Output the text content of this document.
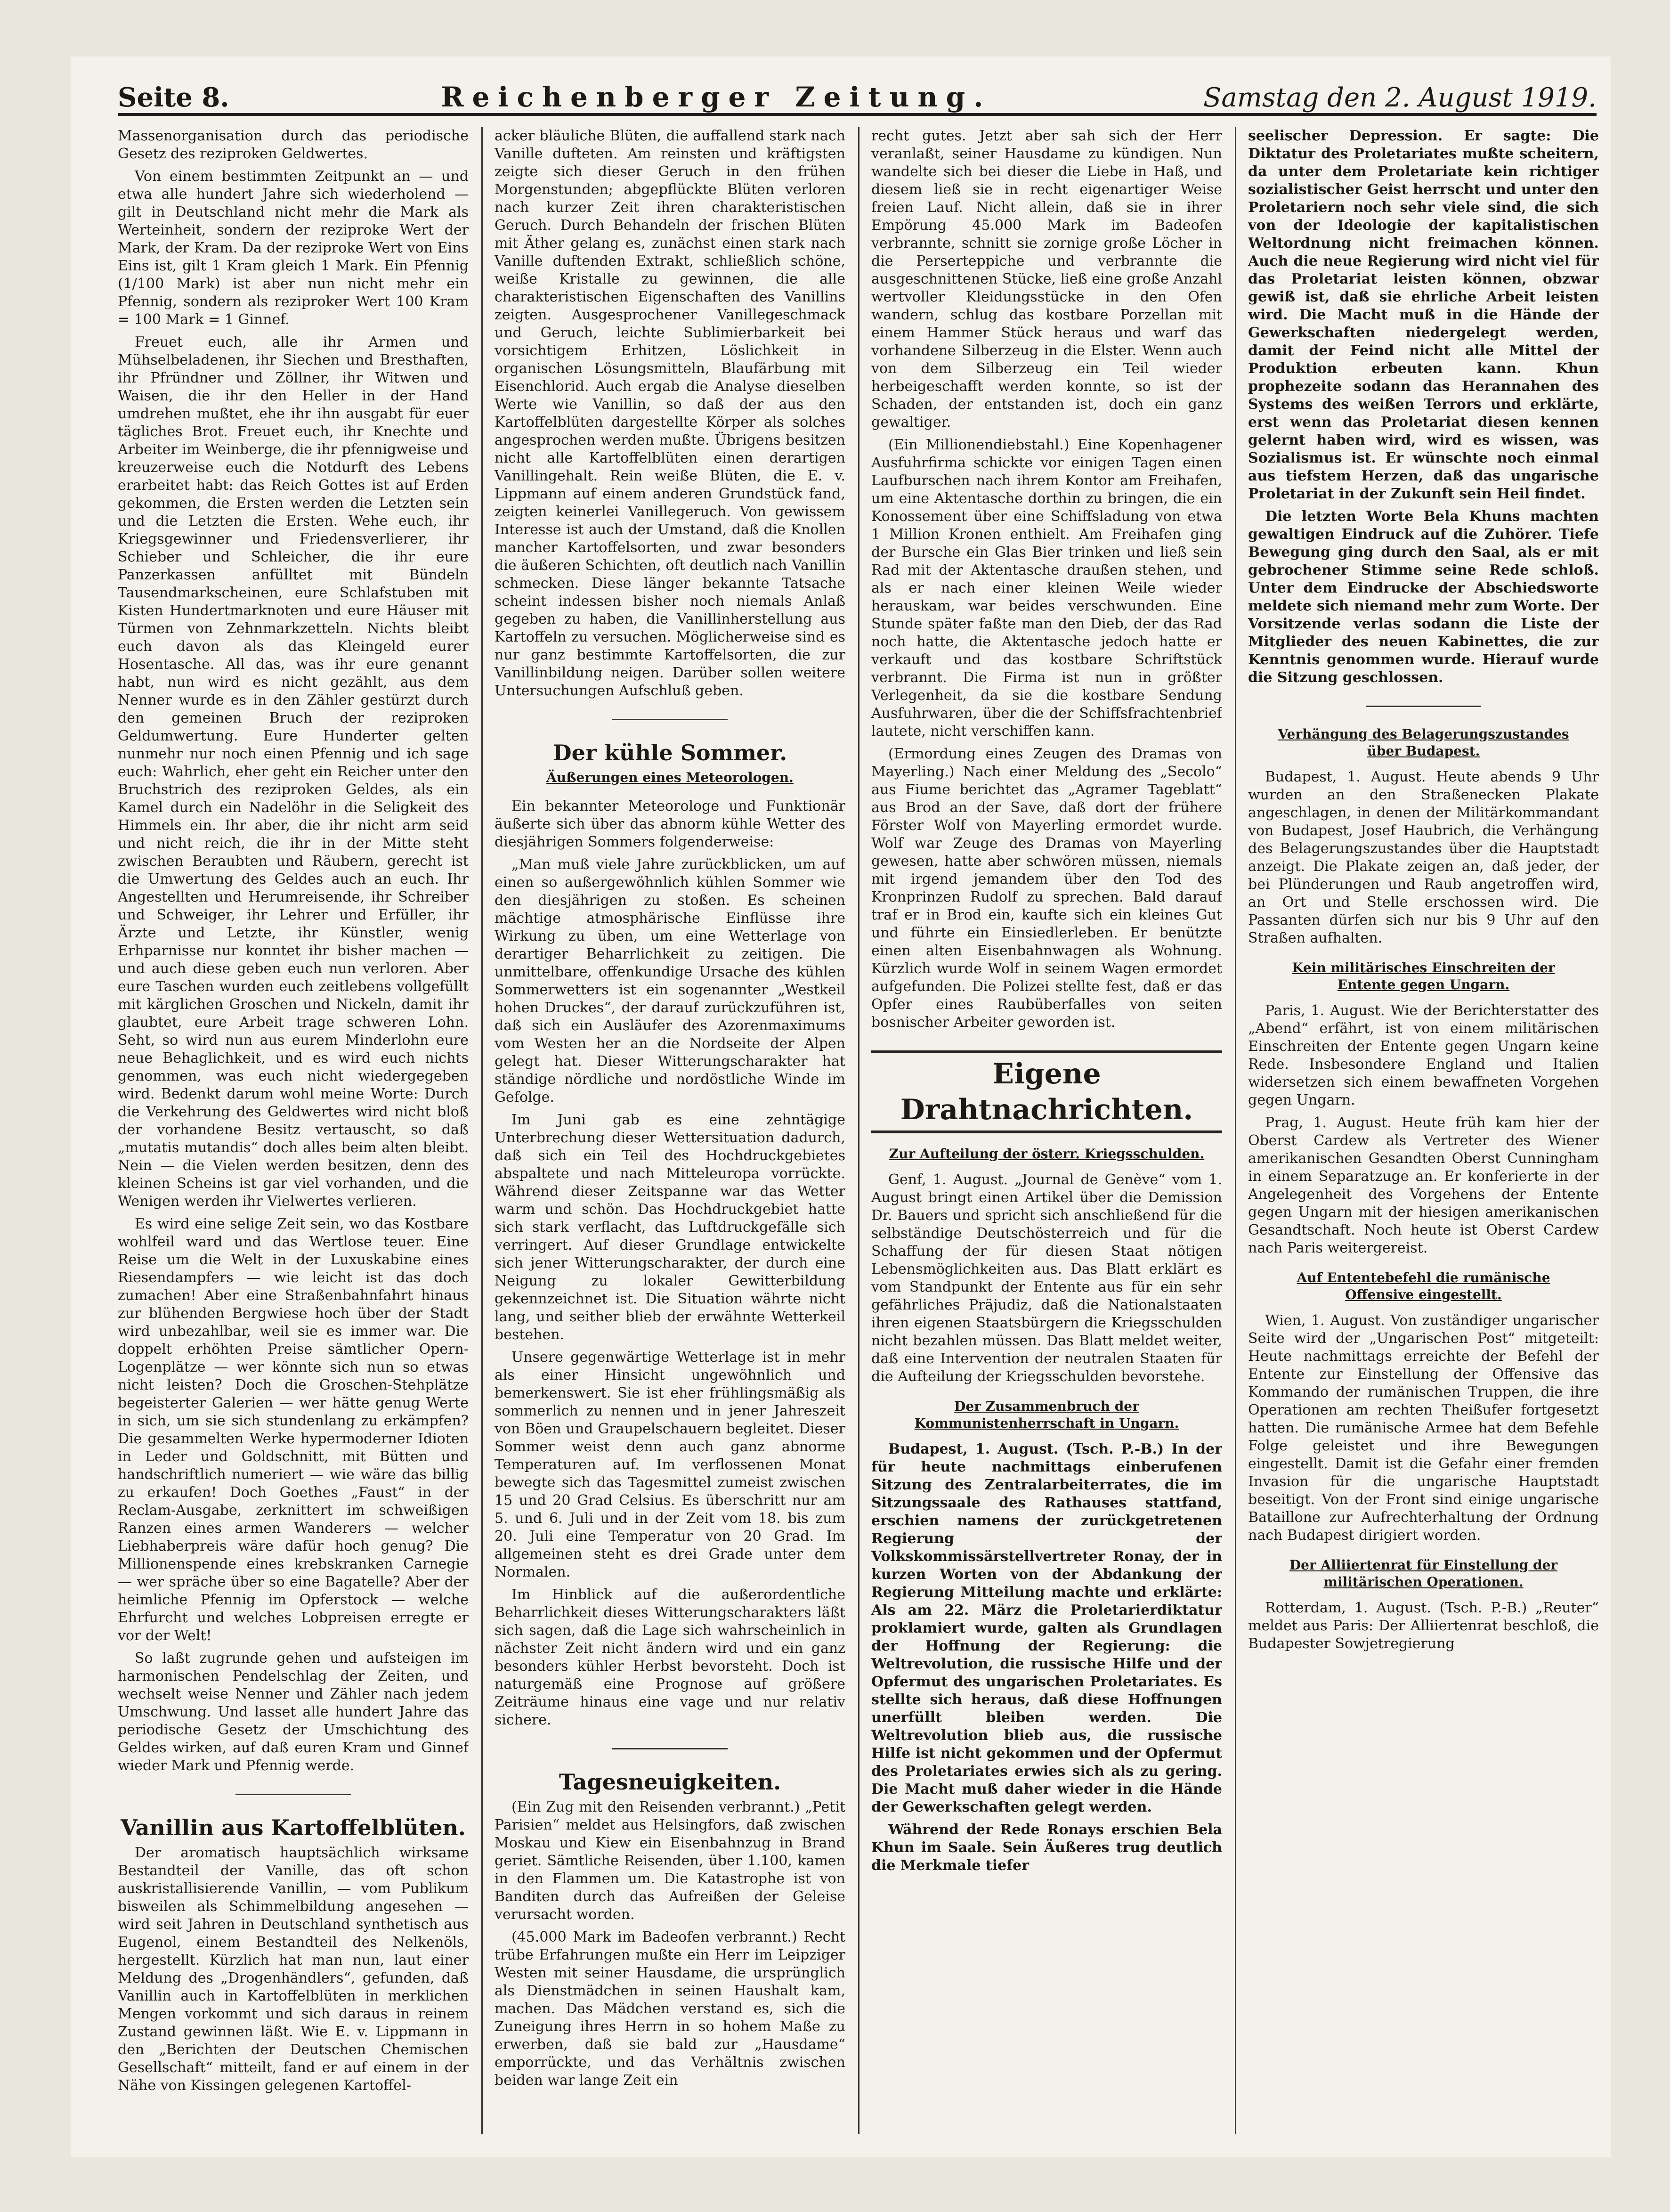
Seite 8.	Reichenberger Zeitung.	Samstag den 2. August 1919.

Massenorganisation durch das periodische Gesetz des reziproken Geldwertes.

Von einem bestimmten Zeitpunkt an — und etwa alle hundert Jahre sich wiederholend — gilt in Deutschland nicht mehr die Mark als Werteinheit, sondern der reziproke Wert der Mark, der Kram. Da der reziproke Wert von Eins Eins ist, gilt 1 Kram gleich 1 Mark. Ein Pfennig (1/100 Mark) ist aber nun nicht mehr ein Pfennig, sondern als reziproker Wert 100 Kram = 100 Mark = 1 Ginnef.

Freuet euch, alle ihr Armen und Mühselbeladenen, ihr Siechen und Bresthaften, ihr Pfründner und Zöllner, ihr Witwen und Waisen, die ihr den Heller in der Hand umdrehen mußtet, ehe ihr ihn ausgabt für euer tägliches Brot. Freuet euch, ihr Knechte und Arbeiter im Weinberge, die ihr pfennigweise und kreuzerweise euch die Notdurft des Lebens erarbeitet habt: das Reich Gottes ist auf Erden gekommen, die Ersten werden die Letzten sein und die Letzten die Ersten. Wehe euch, ihr Kriegsgewinner und Friedensverlierer, ihr Schieber und Schleicher, die ihr eure Panzerkassen anfülltet mit Bündeln Tausendmarkscheinen, eure Schlafstuben mit Kisten Hundertmarknoten und eure Häuser mit Türmen von Zehnmarkzetteln. Nichts bleibt euch davon als das Kleingeld eurer Hosentasche. All das, was ihr eure genannt habt, nun wird es nicht gezählt, aus dem Nenner wurde es in den Zähler gestürzt durch den gemeinen Bruch der reziproken Geldumwertung. Eure Hunderter gelten nunmehr nur noch einen Pfennig und ich sage euch: Wahrlich, eher geht ein Reicher unter den Bruchstrich des reziproken Geldes, als ein Kamel durch ein Nadelöhr in die Seligkeit des Himmels ein. Ihr aber, die ihr nicht arm seid und nicht reich, die ihr in der Mitte steht zwischen Beraubten und Räubern, gerecht ist die Umwertung des Geldes auch an euch. Ihr Angestellten und Herumreisende, ihr Schreiber und Schweiger, ihr Lehrer und Erfüller, ihr Ärzte und Letzte, ihr Künstler, wenig Erhparnisse nur konntet ihr bisher machen — und auch diese geben euch nun verloren. Aber eure Taschen wurden euch zeitlebens vollgefüllt mit kärglichen Groschen und Nickeln, damit ihr glaubtet, eure Arbeit trage schweren Lohn. Seht, so wird nun aus eurem Minderlohn eure neue Behaglichkeit, und es wird euch nichts genommen, was euch nicht wiedergegeben wird. Bedenkt darum wohl meine Worte: Durch die Verkehrung des Geldwertes wird nicht bloß der vorhandene Besitz vertauscht, so daß „mutatis mutandis“ doch alles beim alten bleibt. Nein — die Vielen werden besitzen, denn des kleinen Scheins ist gar viel vorhanden, und die Wenigen werden ihr Vielwertes verlieren.

Es wird eine selige Zeit sein, wo das Kostbare wohlfeil ward und das Wertlose teuer. Eine Reise um die Welt in der Luxuskabine eines Riesendampfers — wie leicht ist das doch zumachen! Aber eine Straßenbahnfahrt hinaus zur blühenden Bergwiese hoch über der Stadt wird unbezahlbar, weil sie es immer war. Die doppelt erhöhten Preise sämtlicher Opern-Logenplätze — wer könnte sich nun so etwas nicht leisten? Doch die Groschen-Stehplätze begeisterter Galerien — wer hätte genug Werte in sich, um sie sich stundenlang zu erkämpfen? Die gesammelten Werke hypermoderner Idioten in Leder und Goldschnitt, mit Bütten und handschriftlich numeriert — wie wäre das billig zu erkaufen! Doch Goethes „Faust“ in der Reclam-Ausgabe, zerknittert im schweißigen Ranzen eines armen Wanderers — welcher Liebhaberpreis wäre dafür hoch genug? Die Millionenspende eines krebskranken Carnegie — wer spräche über so eine Bagatelle? Aber der heimliche Pfennig im Opferstock — welche Ehrfurcht und welches Lobpreisen erregte er vor der Welt!

So laßt zugrunde gehen und aufsteigen im harmonischen Pendelschlag der Zeiten, und wechselt weise Nenner und Zähler nach jedem Umschwung. Und lasset alle hundert Jahre das periodische Gesetz der Umschichtung des Geldes wirken, auf daß euren Kram und Ginnef wieder Mark und Pfennig werde.

Vanillin aus Kartoffelblüten.

Der aromatisch hauptsächlich wirksame Bestandteil der Vanille, das oft schon auskristallisierende Vanillin, — vom Publikum bisweilen als Schimmelbildung angesehen — wird seit Jahren in Deutschland synthetisch aus Eugenol, einem Bestandteil des Nelkenöls, hergestellt. Kürzlich hat man nun, laut einer Meldung des „Drogenhändlers“, gefunden, daß Vanillin auch in Kartoffelblüten in merklichen Mengen vorkommt und sich daraus in reinem Zustand gewinnen läßt. Wie E. v. Lippmann in den „Berichten der Deutschen Chemischen Gesellschaft“ mitteilt, fand er auf einem in der Nähe von Kissingen gelegenen Kartoffel-

acker bläuliche Blüten, die auffallend stark nach Vanille dufteten. Am reinsten und kräftigsten zeigte sich dieser Geruch in den frühen Morgenstunden; abgepflückte Blüten verloren nach kurzer Zeit ihren charakteristischen Geruch. Durch Behandeln der frischen Blüten mit Äther gelang es, zunächst einen stark nach Vanille duftenden Extrakt, schließlich schöne, weiße Kristalle zu gewinnen, die alle charakteristischen Eigenschaften des Vanillins zeigten. Ausgesprochener Vanillegeschmack und Geruch, leichte Sublimierbarkeit bei vorsichtigem Erhitzen, Löslichkeit in organischen Lösungsmitteln, Blaufärbung mit Eisenchlorid. Auch ergab die Analyse dieselben Werte wie Vanillin, so daß der aus den Kartoffelblüten dargestellte Körper als solches angesprochen werden mußte. Übrigens besitzen nicht alle Kartoffelblüten einen derartigen Vanillingehalt. Rein weiße Blüten, die E. v. Lippmann auf einem anderen Grundstück fand, zeigten keinerlei Vanillegeruch. Von gewissem Interesse ist auch der Umstand, daß die Knollen mancher Kartoffelsorten, und zwar besonders die äußeren Schichten, oft deutlich nach Vanillin schmecken. Diese länger bekannte Tatsache scheint indessen bisher noch niemals Anlaß gegeben zu haben, die Vanillinherstellung aus Kartoffeln zu versuchen. Möglicherweise sind es nur ganz bestimmte Kartoffelsorten, die zur Vanillinbildung neigen. Darüber sollen weitere Untersuchungen Aufschluß geben.

Der kühle Sommer.
Äußerungen eines Meteorologen.

Ein bekannter Meteorologe und Funktionär äußerte sich über das abnorm kühle Wetter des diesjährigen Sommers folgenderweise:

„Man muß viele Jahre zurückblicken, um auf einen so außergewöhnlich kühlen Sommer wie den diesjährigen zu stoßen. Es scheinen mächtige atmosphärische Einflüsse ihre Wirkung zu üben, um eine Wetterlage von derartiger Beharrlichkeit zu zeitigen. Die unmittelbare, offenkundige Ursache des kühlen Sommerwetters ist ein sogenannter „Westkeil hohen Druckes“, der darauf zurückzuführen ist, daß sich ein Ausläufer des Azorenmaximums vom Westen her an die Nordseite der Alpen gelegt hat. Dieser Witterungscharakter hat ständige nördliche und nordöstliche Winde im Gefolge.

Im Juni gab es eine zehntägige Unterbrechung dieser Wettersituation dadurch, daß sich ein Teil des Hochdruckgebietes abspaltete und nach Mitteleuropa vorrückte. Während dieser Zeitspanne war das Wetter warm und schön. Das Hochdruckgebiet hatte sich stark verflacht, das Luftdruckgefälle sich verringert. Auf dieser Grundlage entwickelte sich jener Witterungscharakter, der durch eine Neigung zu lokaler Gewitterbildung gekennzeichnet ist. Die Situation währte nicht lang, und seither blieb der erwähnte Wetterkeil bestehen.

Unsere gegenwärtige Wetterlage ist in mehr als einer Hinsicht ungewöhnlich und bemerkenswert. Sie ist eher frühlingsmäßig als sommerlich zu nennen und in jener Jahreszeit von Böen und Graupelschauern begleitet. Dieser Sommer weist denn auch ganz abnorme Temperaturen auf. Im verflossenen Monat bewegte sich das Tagesmittel zumeist zwischen 15 und 20 Grad Celsius. Es überschritt nur am 5. und 6. Juli und in der Zeit vom 18. bis zum 20. Juli eine Temperatur von 20 Grad. Im allgemeinen steht es drei Grade unter dem Normalen.

Im Hinblick auf die außerordentliche Beharrlichkeit dieses Witterungscharakters läßt sich sagen, daß die Lage sich wahrscheinlich in nächster Zeit nicht ändern wird und ein ganz besonders kühler Herbst bevorsteht. Doch ist naturgemäß eine Prognose auf größere Zeiträume hinaus eine vage und nur relativ sichere.

Tagesneuigkeiten.

(Ein Zug mit den Reisenden verbrannt.) „Petit Parisien“ meldet aus Helsingfors, daß zwischen Moskau und Kiew ein Eisenbahnzug in Brand geriet. Sämtliche Reisenden, über 1.100, kamen in den Flammen um. Die Katastrophe ist von Banditen durch das Aufreißen der Geleise verursacht worden.

(45.000 Mark im Badeofen verbrannt.) Recht trübe Erfahrungen mußte ein Herr im Leipziger Westen mit seiner Hausdame, die ursprünglich als Dienstmädchen in seinen Haushalt kam, machen. Das Mädchen verstand es, sich die Zuneigung ihres Herrn in so hohem Maße zu erwerben, daß sie bald zur „Hausdame“ emporrückte, und das Verhältnis zwischen beiden war lange Zeit ein

recht gutes. Jetzt aber sah sich der Herr veranlaßt, seiner Hausdame zu kündigen. Nun wandelte sich bei dieser die Liebe in Haß, und diesem ließ sie in recht eigenartiger Weise freien Lauf. Nicht allein, daß sie in ihrer Empörung 45.000 Mark im Badeofen verbrannte, schnitt sie zornige große Löcher in die Perserteppiche und verbrannte die ausgeschnittenen Stücke, ließ eine große Anzahl wertvoller Kleidungsstücke in den Ofen wandern, schlug das kostbare Porzellan mit einem Hammer Stück heraus und warf das vorhandene Silberzeug in die Elster. Wenn auch von dem Silberzeug ein Teil wieder herbeigeschafft werden konnte, so ist der Schaden, der entstanden ist, doch ein ganz gewaltiger.

(Ein Millionendiebstahl.) Eine Kopenhagener Ausfuhrfirma schickte vor einigen Tagen einen Laufburschen nach ihrem Kontor am Freihafen, um eine Aktentasche dorthin zu bringen, die ein Konossement über eine Schiffsladung von etwa 1 Million Kronen enthielt. Am Freihafen ging der Bursche ein Glas Bier trinken und ließ sein Rad mit der Aktentasche draußen stehen, und als er nach einer kleinen Weile wieder herauskam, war beides verschwunden. Eine Stunde später faßte man den Dieb, der das Rad noch hatte, die Aktentasche jedoch hatte er verkauft und das kostbare Schriftstück verbrannt. Die Firma ist nun in größter Verlegenheit, da sie die kostbare Sendung Ausfuhrwaren, über die der Schiffsfrachtenbrief lautete, nicht verschiffen kann.

(Ermordung eines Zeugen des Dramas von Mayerling.) Nach einer Meldung des „Secolo“ aus Fiume berichtet das „Agramer Tageblatt“ aus Brod an der Save, daß dort der frühere Förster Wolf von Mayerling ermordet wurde. Wolf war Zeuge des Dramas von Mayerling gewesen, hatte aber schwören müssen, niemals mit irgend jemandem über den Tod des Kronprinzen Rudolf zu sprechen. Bald darauf traf er in Brod ein, kaufte sich ein kleines Gut und führte ein Einsiedlerleben. Er benützte einen alten Eisenbahnwagen als Wohnung. Kürzlich wurde Wolf in seinem Wagen ermordet aufgefunden. Die Polizei stellte fest, daß er das Opfer eines Raubüberfalles von seiten bosnischer Arbeiter geworden ist.

Eigene Drahtnachrichten.
Zur Aufteilung der österr. Kriegsschulden.

Genf, 1. August. „Journal de Genève“ vom 1. August bringt einen Artikel über die Demission Dr. Bauers und spricht sich anschließend für die selbständige Deutschösterreich und für die Schaffung der für diesen Staat nötigen Lebensmöglichkeiten aus. Das Blatt erklärt es vom Standpunkt der Entente aus für ein sehr gefährliches Präjudiz, daß die Nationalstaaten ihren eigenen Staatsbürgern die Kriegsschulden nicht bezahlen müssen. Das Blatt meldet weiter, daß eine Intervention der neutralen Staaten für die Aufteilung der Kriegsschulden bevorstehe.

Der Zusammenbruch der Kommunistenherrschaft in Ungarn.

Budapest, 1. August. (Tsch. P.-B.) In der für heute nachmittags einberufenen Sitzung des Zentralarbeiterrates, die im Sitzungssaale des Rathauses stattfand, erschien namens der zurückgetretenen Regierung der Volkskommissärstellvertreter Ronay, der in kurzen Worten von der Abdankung der Regierung Mitteilung machte und erklärte: Als am 22. März die Proletarierdiktatur proklamiert wurde, galten als Grundlagen der Hoffnung der Regierung: die Weltrevolution, die russische Hilfe und der Opfermut des ungarischen Proletariates. Es stellte sich heraus, daß diese Hoffnungen unerfüllt bleiben werden. Die Weltrevolution blieb aus, die russische Hilfe ist nicht gekommen und der Opfermut des Proletariates erwies sich als zu gering. Die Macht muß daher wieder in die Hände der Gewerkschaften gelegt werden.

Während der Rede Ronays erschien Bela Khun im Saale. Sein Äußeres trug deutlich die Merkmale tiefer

seelischer Depression. Er sagte: Die Diktatur des Proletariates mußte scheitern, da unter dem Proletariate kein richtiger sozialistischer Geist herrscht und unter den Proletariern noch sehr viele sind, die sich von der Ideologie der kapitalistischen Weltordnung nicht freimachen können. Auch die neue Regierung wird nicht viel für das Proletariat leisten können, obzwar gewiß ist, daß sie ehrliche Arbeit leisten wird. Die Macht muß in die Hände der Gewerkschaften niedergelegt werden, damit der Feind nicht alle Mittel der Produktion erbeuten kann. Khun prophezeite sodann das Herannahen des Systems des weißen Terrors und erklärte, erst wenn das Proletariat diesen kennen gelernt haben wird, wird es wissen, was Sozialismus ist. Er wünschte noch einmal aus tiefstem Herzen, daß das ungarische Proletariat in der Zukunft sein Heil findet.

Die letzten Worte Bela Khuns machten gewaltigen Eindruck auf die Zuhörer. Tiefe Bewegung ging durch den Saal, als er mit gebrochener Stimme seine Rede schloß. Unter dem Eindrucke der Abschiedsworte meldete sich niemand mehr zum Worte. Der Vorsitzende verlas sodann die Liste der Mitglieder des neuen Kabinettes, die zur Kenntnis genommen wurde. Hierauf wurde die Sitzung geschlossen.

Verhängung des Belagerungszustandes über Budapest.

Budapest, 1. August. Heute abends 9 Uhr wurden an den Straßenecken Plakate angeschlagen, in denen der Militärkommandant von Budapest, Josef Haubrich, die Verhängung des Belagerungszustandes über die Hauptstadt anzeigt. Die Plakate zeigen an, daß jeder, der bei Plünderungen und Raub angetroffen wird, an Ort und Stelle erschossen wird. Die Passanten dürfen sich nur bis 9 Uhr auf den Straßen aufhalten.

Kein militärisches Einschreiten der Entente gegen Ungarn.

Paris, 1. August. Wie der Berichterstatter des „Abend“ erfährt, ist von einem militärischen Einschreiten der Entente gegen Ungarn keine Rede. Insbesondere England und Italien widersetzen sich einem bewaffneten Vorgehen gegen Ungarn.

Prag, 1. August. Heute früh kam hier der Oberst Cardew als Vertreter des Wiener amerikanischen Gesandten Oberst Cunningham in einem Separatzuge an. Er konferierte in der Angelegenheit des Vorgehens der Entente gegen Ungarn mit der hiesigen amerikanischen Gesandtschaft. Noch heute ist Oberst Cardew nach Paris weitergereist.

Auf Ententebefehl die rumänische Offensive eingestellt.

Wien, 1. August. Von zuständiger ungarischer Seite wird der „Ungarischen Post“ mitgeteilt: Heute nachmittags erreichte der Befehl der Entente zur Einstellung der Offensive das Kommando der rumänischen Truppen, die ihre Operationen am rechten Theißufer fortgesetzt hatten. Die rumänische Armee hat dem Befehle Folge geleistet und ihre Bewegungen eingestellt. Damit ist die Gefahr einer fremden Invasion für die ungarische Hauptstadt beseitigt. Von der Front sind einige ungarische Bataillone zur Aufrechterhaltung der Ordnung nach Budapest dirigiert worden.

Der Alliiertenrat für Einstellung der militärischen Operationen.

Rotterdam, 1. August. (Tsch. P.-B.) „Reuter“ meldet aus Paris: Der Alliiertenrat beschloß, die Budapester Sowjetregierung
